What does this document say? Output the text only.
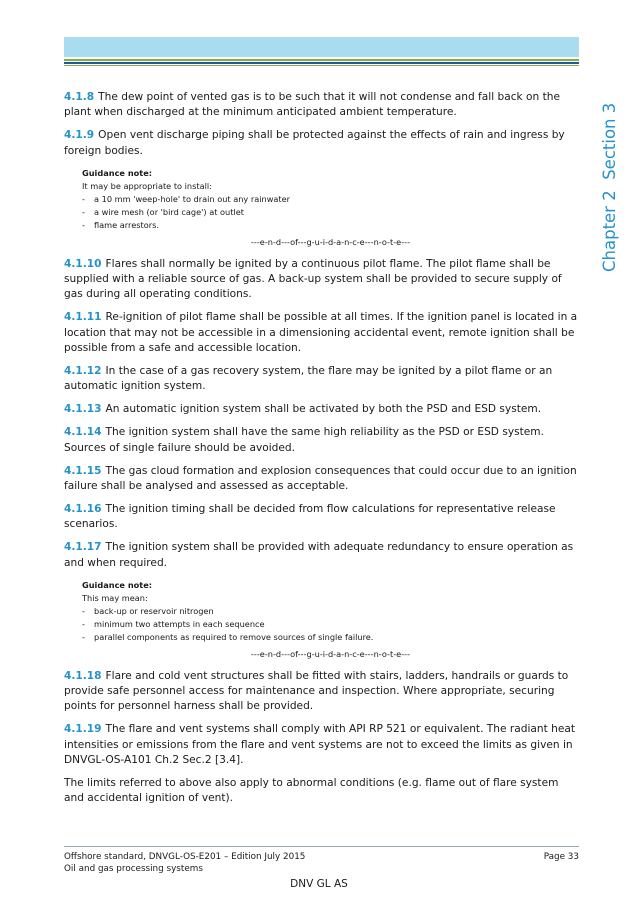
Chapter 2  Section 3

4.1.8 The dew point of vented gas is to be such that it will not condense and fall back on the plant when discharged at the minimum anticipated ambient temperature.

4.1.9 Open vent discharge piping shall be protected against the effects of rain and ingress by foreign bodies.

Guidance note:
It may be appropriate to install:
- a 10 mm 'weep-hole' to drain out any rainwater
- a wire mesh (or 'bird cage') at outlet
- flame arrestors.
---e-n-d---of---g-u-i-d-a-n-c-e---n-o-t-e---

4.1.10 Flares shall normally be ignited by a continuous pilot flame. The pilot flame shall be supplied with a reliable source of gas. A back-up system shall be provided to secure supply of gas during all operating conditions.

4.1.11 Re-ignition of pilot flame shall be possible at all times. If the ignition panel is located in a location that may not be accessible in a dimensioning accidental event, remote ignition shall be possible from a safe and accessible location.

4.1.12 In the case of a gas recovery system, the flare may be ignited by a pilot flame or an automatic ignition system.

4.1.13 An automatic ignition system shall be activated by both the PSD and ESD system.

4.1.14 The ignition system shall have the same high reliability as the PSD or ESD system. Sources of single failure should be avoided.

4.1.15 The gas cloud formation and explosion consequences that could occur due to an ignition failure shall be analysed and assessed as acceptable.

4.1.16 The ignition timing shall be decided from flow calculations for representative release scenarios.

4.1.17 The ignition system shall be provided with adequate redundancy to ensure operation as and when required.

Guidance note:
This may mean:
- back-up or reservoir nitrogen
- minimum two attempts in each sequence
- parallel components as required to remove sources of single failure.
---e-n-d---of---g-u-i-d-a-n-c-e---n-o-t-e---

4.1.18 Flare and cold vent structures shall be fitted with stairs, ladders, handrails or guards to provide safe personnel access for maintenance and inspection. Where appropriate, securing points for personnel harness shall be provided.

4.1.19 The flare and vent systems shall comply with API RP 521 or equivalent. The radiant heat intensities or emissions from the flare and vent systems are not to exceed the limits as given in DNVGL-OS-A101 Ch.2 Sec.2 [3.4].

The limits referred to above also apply to abnormal conditions (e.g. flame out of flare system and accidental ignition of vent).

Offshore standard, DNVGL-OS-E201 – Edition July 2015
Oil and gas processing systems
Page 33
DNV GL AS
